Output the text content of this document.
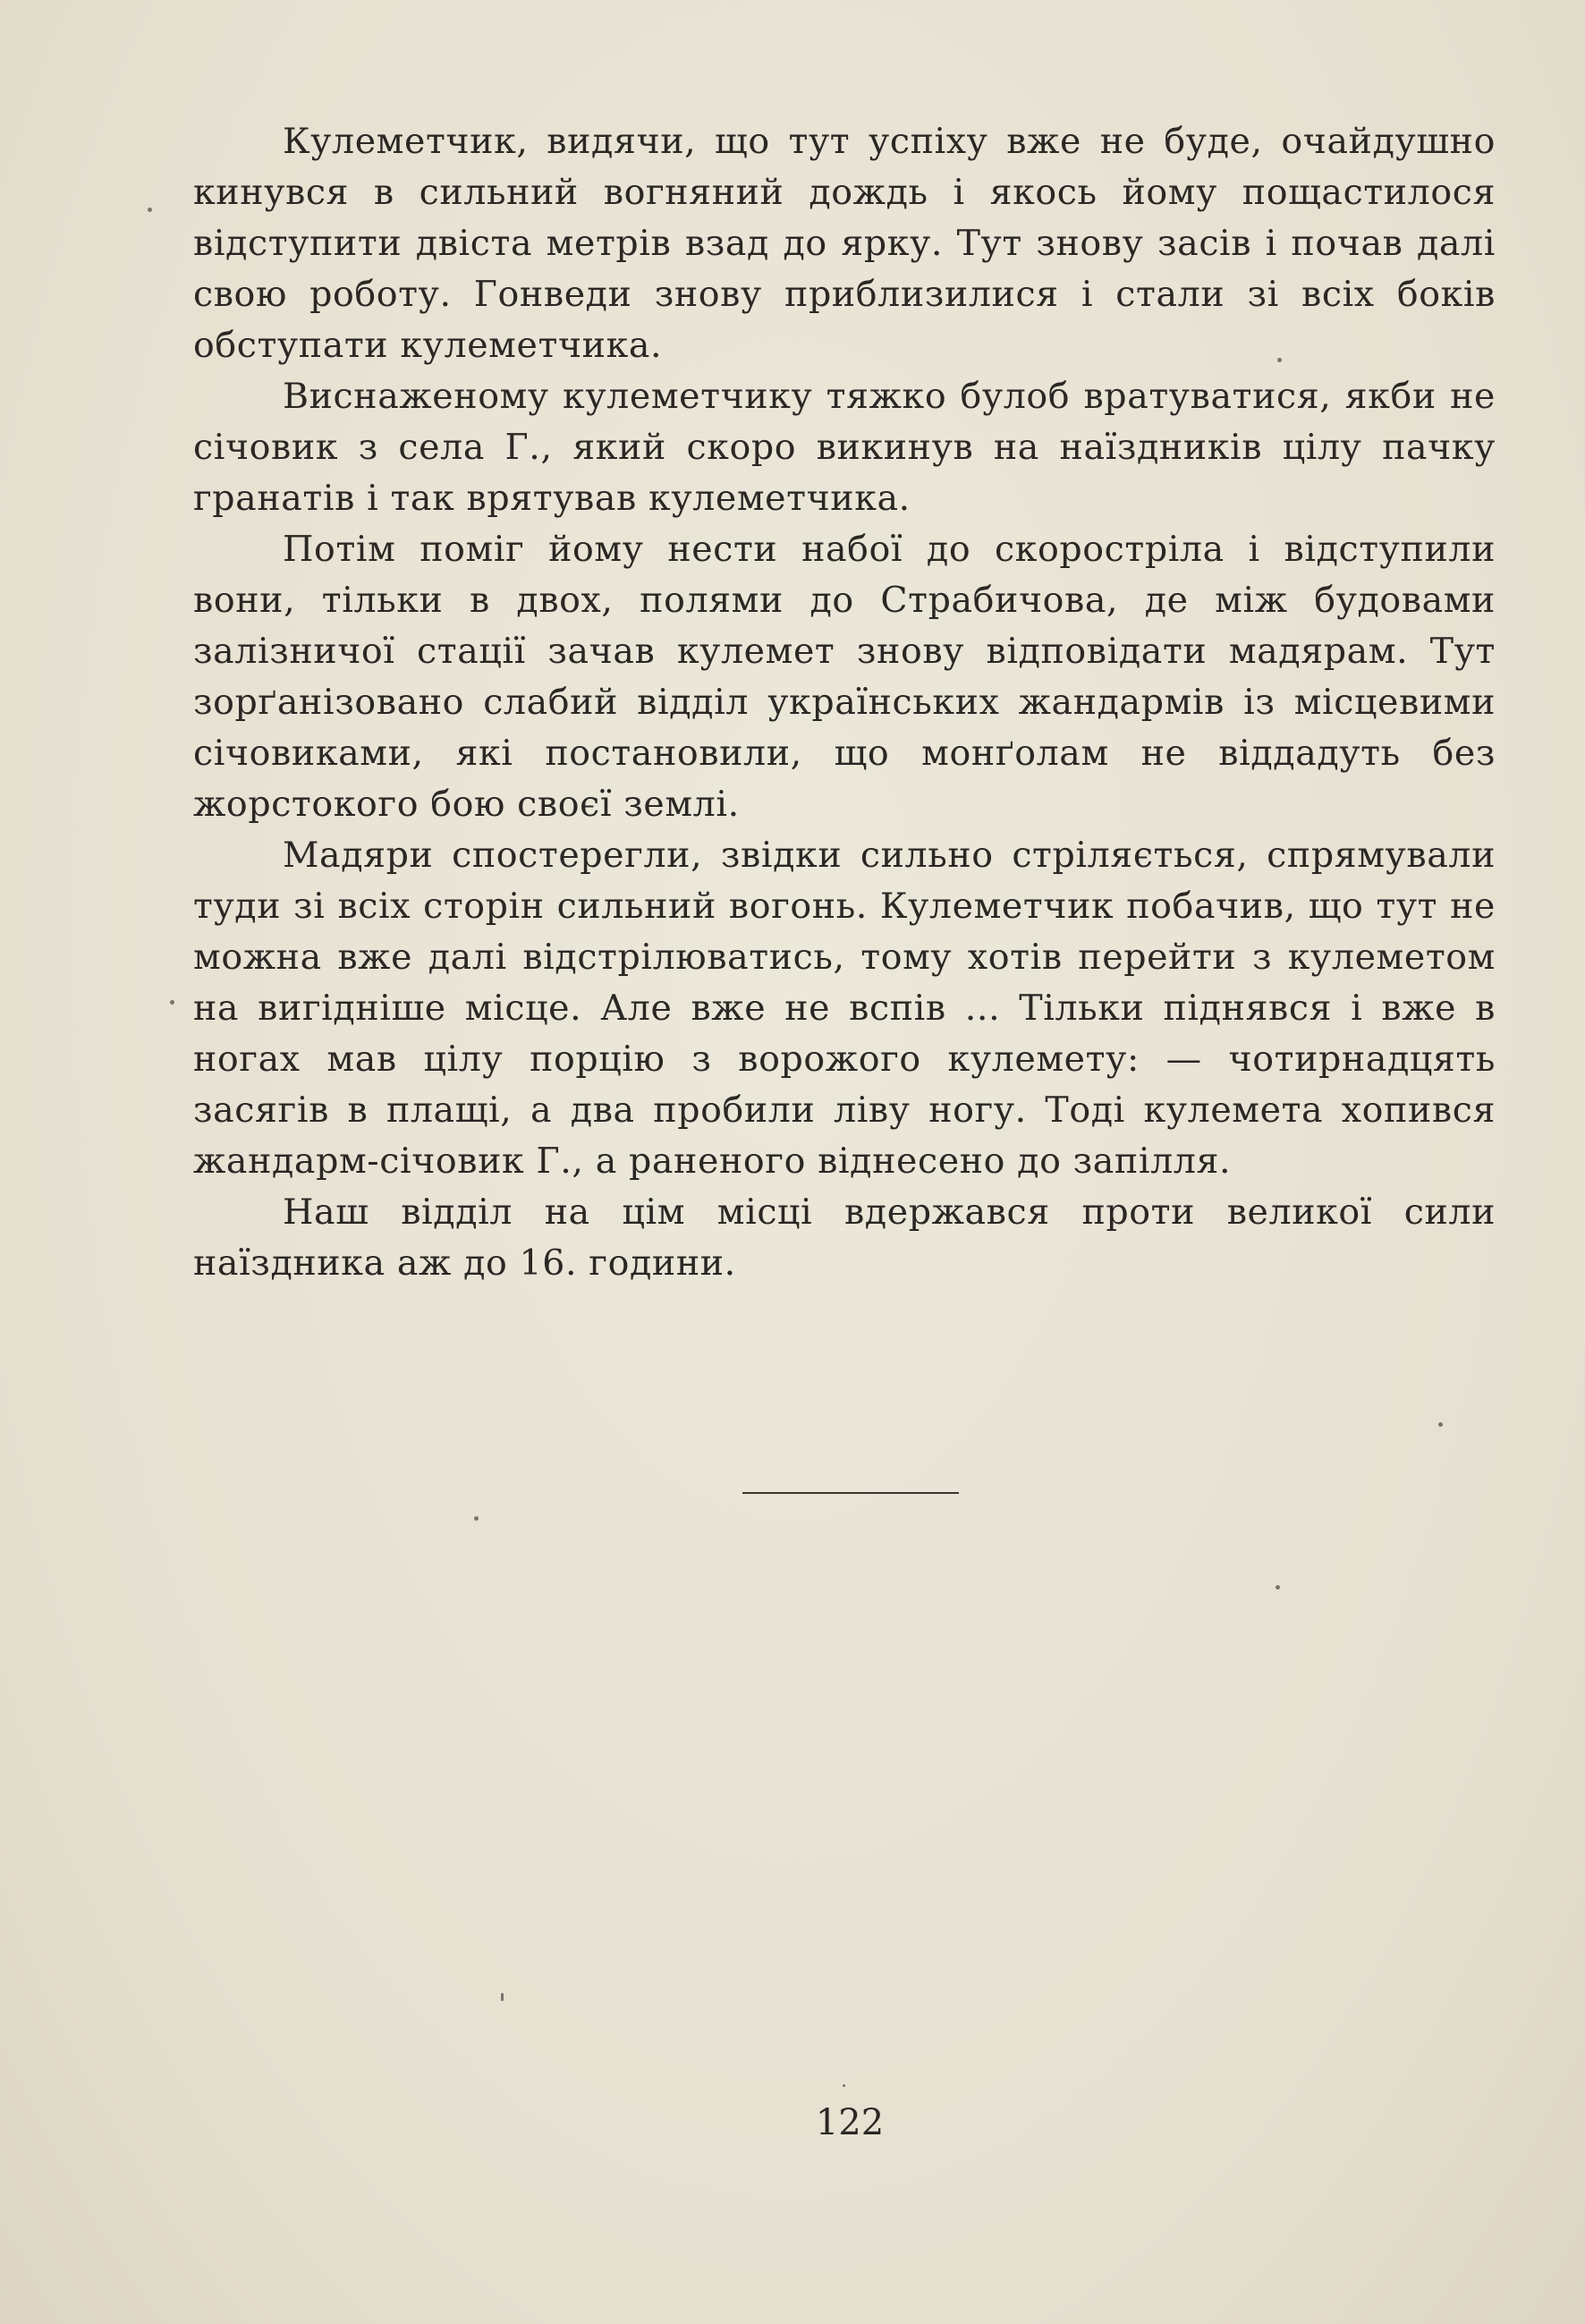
Кулеметчик, видячи, що тут успіху вже не буде, очайдушно кинувся в сильний вогняний дождь і якось йому пощастилося відступити двіста метрів взад до ярку. Тут знову засів і почав далі свою роботу. Гонведи знову приблизилися і стали зі всіх боків обступати кулеметчика.

Виснаженому кулеметчику тяжко булоб вратуватися, якби не січовик з села Г., який скоро викинув на наїздників цілу пачку гранатів і так врятував кулеметчика.

Потім поміг йому нести набої до скорострілa і відступили вони, тільки в двох, полями до Страбичова, де між будовами залізничої стації зачав кулемет знову відповідати мадярам. Тут зорґанізовано слабий відділ українських жандармів із місцевими січовиками, які постановили, що монґолам не віддадуть без жорстокого бою своєї землі.

Мадяри спостерегли, звідки сильно стріляється, спрямували туди зі всіх сторін сильний вогонь. Кулеметчик побачив, що тут не можна вже далі відстрілюватись, тому хотів перейти з кулеметом на вигідніше місце. Але вже не вспів ... Тільки піднявся і вже в ногах мав цілу порцію з ворожого кулемету: — чотирнадцять засягів в плащі, а два пробили ліву ногу. Тоді кулемета хопився жандарм-січовик Г., а раненого віднесено до запілля.

Наш відділ на цім місці вдержався проти великої сили наїздника аж до 16. години.

122
